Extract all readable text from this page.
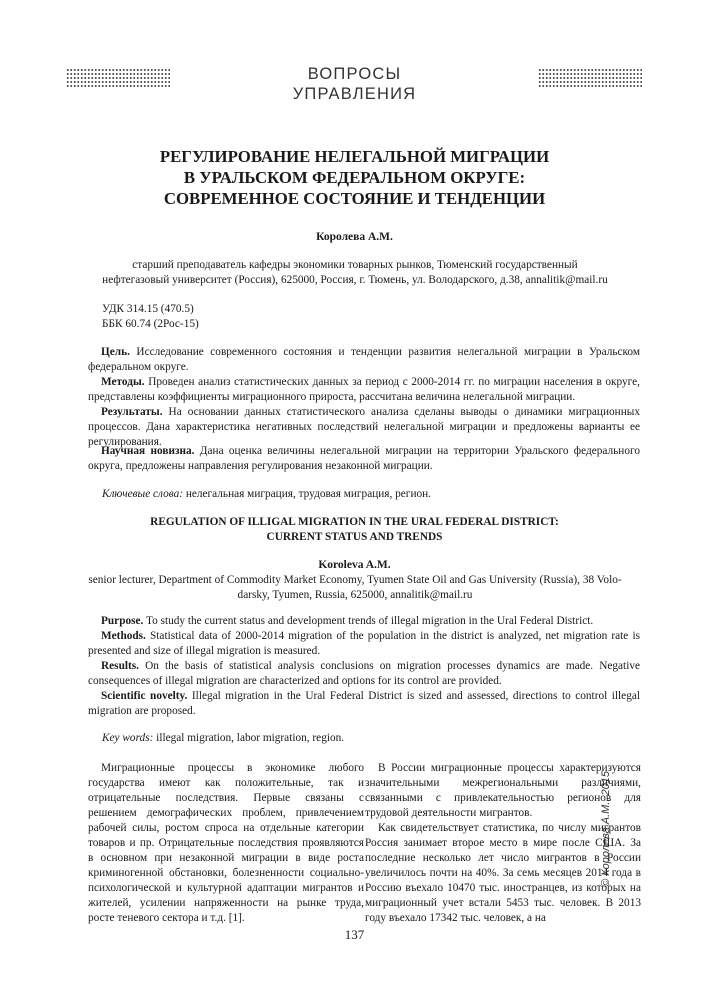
ВОПРОСЫ
УПРАВЛЕНИЯ
РЕГУЛИРОВАНИЕ НЕЛЕГАЛЬНОЙ МИГРАЦИИ
В УРАЛЬСКОМ ФЕДЕРАЛЬНОМ ОКРУГЕ:
СОВРЕМЕННОЕ СОСТОЯНИЕ И ТЕНДЕНЦИИ
Королева А.М.
старший преподаватель кафедры экономики товарных рынков, Тюменский государственный
нефтегазовый университет (Россия), 625000, Россия, г. Тюмень, ул. Володарского, д.38, annalitik@mail.ru
УДК 314.15 (470.5)
ББК 60.74 (2Рос-15)
Цель. Исследование современного состояния и тенденции развития нелегальной миграции в Уральском федеральном округе.
Методы. Проведен анализ статистических данных за период с 2000-2014 гг. по миграции населения в округе, представлены коэффициенты миграционного прироста, рассчитана величина нелегальной миграции.
Результаты. На основании данных статистического анализа сделаны выводы о динамики миграционных процессов. Дана характеристика негативных последствий нелегальной миграции и предложены варианты ее регулирования.
Научная новизна. Дана оценка величины нелегальной миграции на территории Уральского федерального округа, предложены направления регулирования незаконной миграции.
Ключевые слова: нелегальная миграция, трудовая миграция, регион.
REGULATION OF ILLIGAL MIGRATION IN THE URAL FEDERAL DISTRICT:
CURRENT STATUS AND TRENDS
Koroleva A.M.
senior lecturer, Department of Commodity Market Economy, Tyumen State Oil and Gas University (Russia), 38 Volo-
darsky, Tyumen, Russia, 625000, annalitik@mail.ru
Purpose. To study the current status and development trends of illegal migration in the Ural Federal District.
Methods. Statistical data of 2000-2014 migration of the population in the district is analyzed, net migration rate is presented and size of illegal migration is measured.
Results. On the basis of statistical analysis conclusions on migration processes dynamics are made. Negative consequences of illegal migration are characterized and options for its control are provided.
Scientific novelty. Illegal migration in the Ural Federal District is sized and assessed, directions to control illegal migration are proposed.
Key words: illegal migration, labor migration, region.

Миграционные процессы в экономике любого государства имеют как положительные, так и отрицательные последствия. Первые связаны с решением демографических проблем, привлечением рабочей силы, ростом спроса на отдельные категории товаров и пр. Отрицательные последствия проявляются в основном при незаконной миграции в виде роста криминогенной обстановки, болезненности социально-психологической и культурной адаптации мигрантов и жителей, усилении напряженности на рынке труда, росте теневого сектора и т.д. [1].

В России миграционные процессы характеризуются значительными межрегиональными различиями, связанными с привлекательностью регионов для трудовой деятельности мигрантов.

Как свидетельствует статистика, по числу мигрантов Россия занимает второе место в мире после США. За последние несколько лет число мигрантов в России увеличилось почти на 40%. За семь месяцев 2014 года в Россию въехало 10470 тыс. иностранцев, из которых на миграционный учет встали 5453 тыс. человек. В 2013 году въехало 17342 тыс. человек, а на

© Королева А.М., 2015
137
